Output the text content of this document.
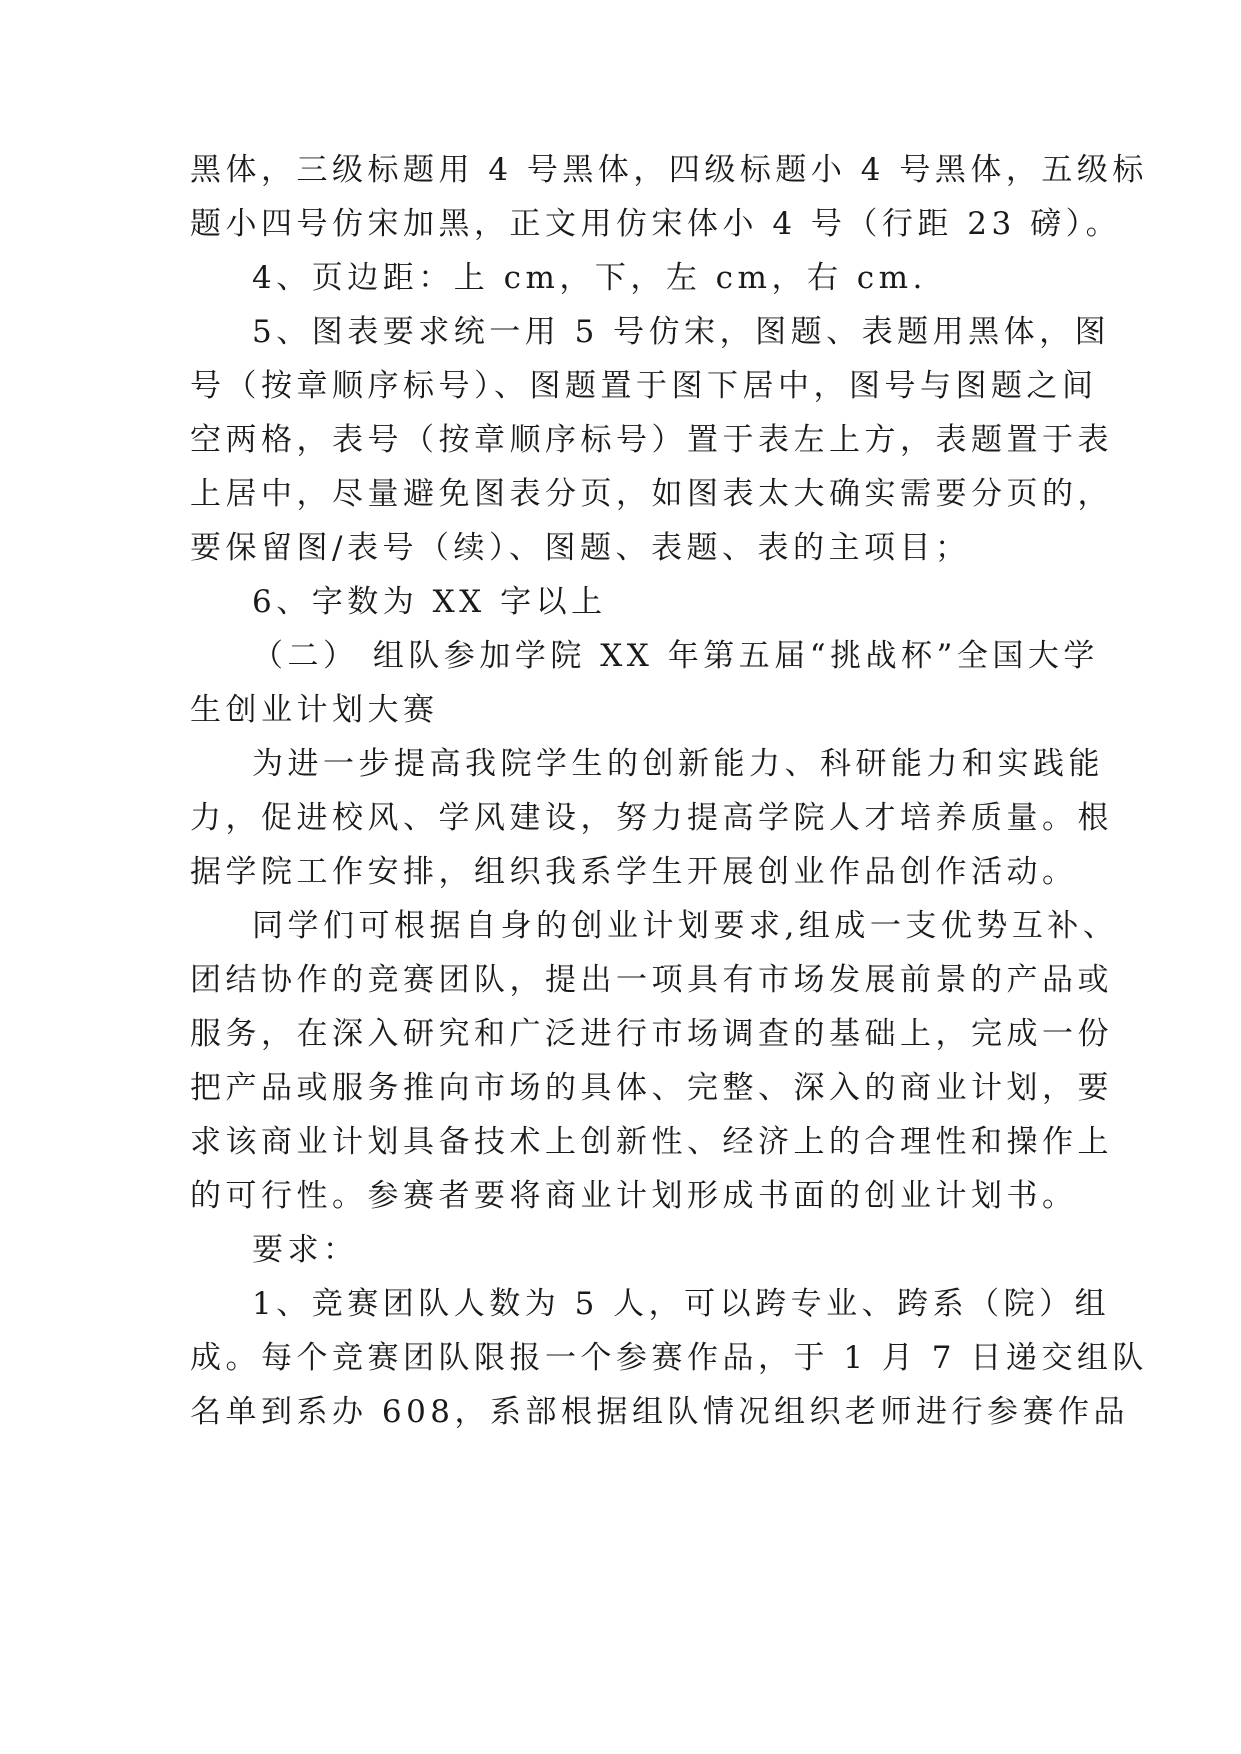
黑体，三级标题用 4 号黑体，四级标题小 4 号黑体，五级标
题小四号仿宋加黑，正文用仿宋体小 4 号（行距 23 磅）。
4、页边距：上 cm，下，左 cm，右 cm.
5、图表要求统一用 5 号仿宋，图题、表题用黑体，图
号（按章顺序标号）、图题置于图下居中，图号与图题之间
空两格，表号（按章顺序标号）置于表左上方，表题置于表
上居中，尽量避免图表分页，如图表太大确实需要分页的，
要保留图/表号（续）、图题、表题、表的主项目；
6、字数为 XX 字以上
（二） 组队参加学院 XX 年第五届“挑战杯”全国大学
生创业计划大赛
为进一步提高我院学生的创新能力、科研能力和实践能
力，促进校风、学风建设，努力提高学院人才培养质量。根
据学院工作安排，组织我系学生开展创业作品创作活动。
同学们可根据自身的创业计划要求,组成一支优势互补、
团结协作的竞赛团队，提出一项具有市场发展前景的产品或
服务，在深入研究和广泛进行市场调查的基础上，完成一份
把产品或服务推向市场的具体、完整、深入的商业计划，要
求该商业计划具备技术上创新性、经济上的合理性和操作上
的可行性。参赛者要将商业计划形成书面的创业计划书。
要求：
1、竞赛团队人数为 5 人，可以跨专业、跨系（院）组
成。每个竞赛团队限报一个参赛作品，于 1 月 7 日递交组队
名单到系办 608，系部根据组队情况组织老师进行参赛作品
